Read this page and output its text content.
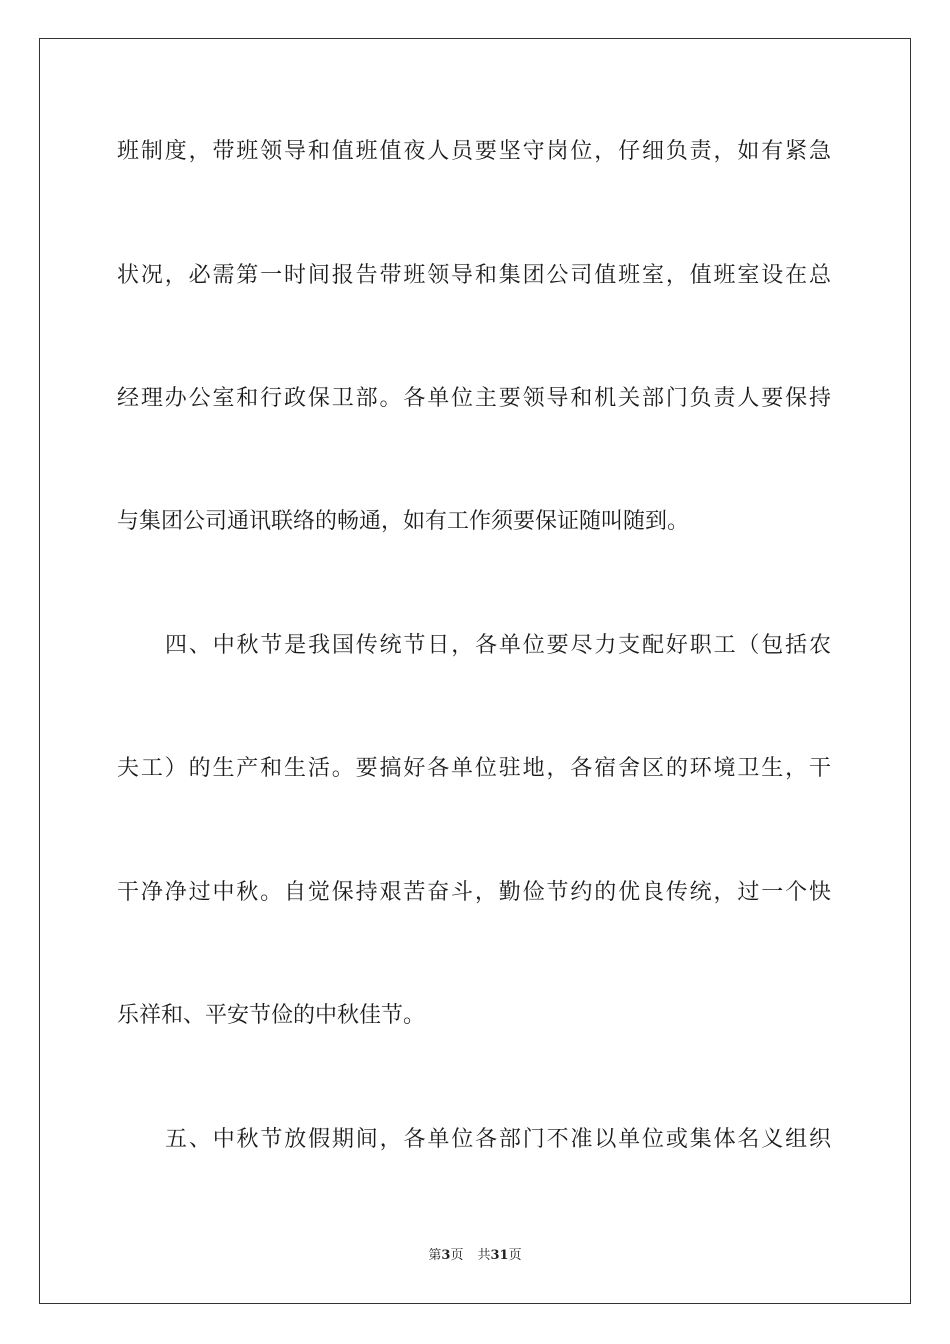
班制度，带班领导和值班值夜人员要坚守岗位，仔细负责，如有紧急
状况，必需第一时间报告带班领导和集团公司值班室，值班室设在总
经理办公室和行政保卫部。各单位主要领导和机关部门负责人要保持
与集团公司通讯联络的畅通，如有工作须要保证随叫随到。
四、中秋节是我国传统节日，各单位要尽力支配好职工（包括农
夫工）的生产和生活。要搞好各单位驻地，各宿舍区的环境卫生，干
干净净过中秋。自觉保持艰苦奋斗，勤俭节约的优良传统，过一个快
乐祥和、平安节俭的中秋佳节。
五、中秋节放假期间，各单位各部门不准以单位或集体名义组织
第3页 共31页
